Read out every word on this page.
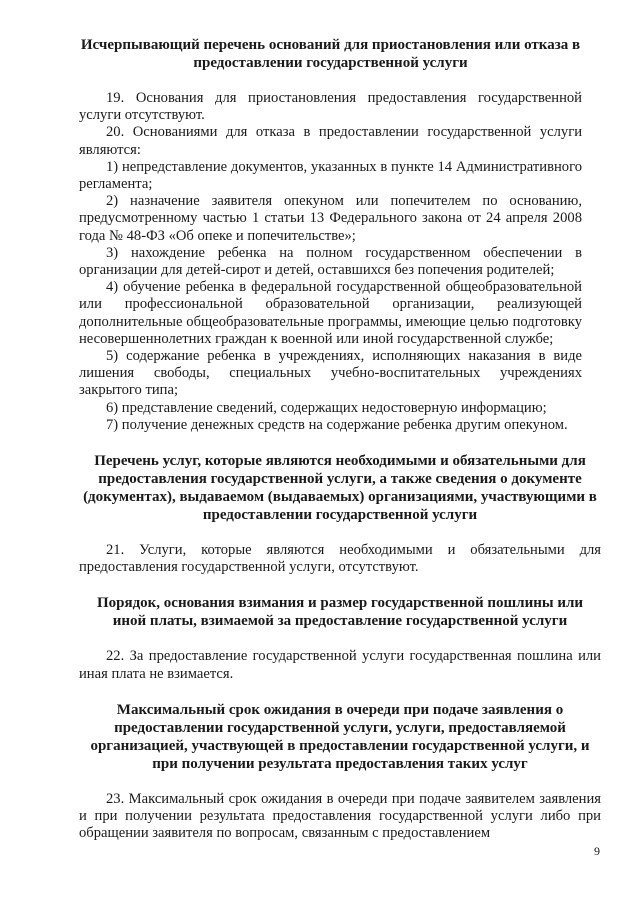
Исчерпывающий перечень оснований для приостановления или отказа в предоставлении государственной услуги

19. Основания для приостановления предоставления государственной услуги отсутствуют.

20. Основаниями для отказа в предоставлении государственной услуги являются:

1) непредставление документов, указанных в пункте 14 Административного регламента;

2) назначение заявителя опекуном или попечителем по основанию, предусмотренному частью 1 статьи 13 Федерального закона от 24 апреля 2008 года № 48-ФЗ «Об опеке и попечительстве»;

3) нахождение ребенка на полном государственном обеспечении в организации для детей-сирот и детей, оставшихся без попечения родителей;

4) обучение ребенка в федеральной государственной общеобразовательной или профессиональной образовательной организации, реализующей дополнительные общеобразовательные программы, имеющие целью подготовку несовершеннолетних граждан к военной или иной государственной службе;

5) содержание ребенка в учреждениях, исполняющих наказания в виде лишения свободы, специальных учебно-воспитательных учреждениях закрытого типа;

6) представление сведений, содержащих недостоверную информацию;

7) получение денежных средств на содержание ребенка другим опекуном.

Перечень услуг, которые являются необходимыми и обязательными для предоставления государственной услуги, а также сведения о документе (документах), выдаваемом (выдаваемых) организациями, участвующими в предоставлении государственной услуги

21. Услуги, которые являются необходимыми и обязательными для предоставления государственной услуги, отсутствуют.

Порядок, основания взимания и размер государственной пошлины или иной платы, взимаемой за предоставление государственной услуги

22. За предоставление государственной услуги государственная пошлина или иная плата не взимается.

Максимальный срок ожидания в очереди при подаче заявления о предоставлении государственной услуги, услуги, предоставляемой организацией, участвующей в предоставлении государственной услуги, и при получении результата предоставления таких услуг

23. Максимальный срок ожидания в очереди при подаче заявителем заявления и при получении результата предоставления государственной услуги либо при обращении заявителя по вопросам, связанным с предоставлением

9
